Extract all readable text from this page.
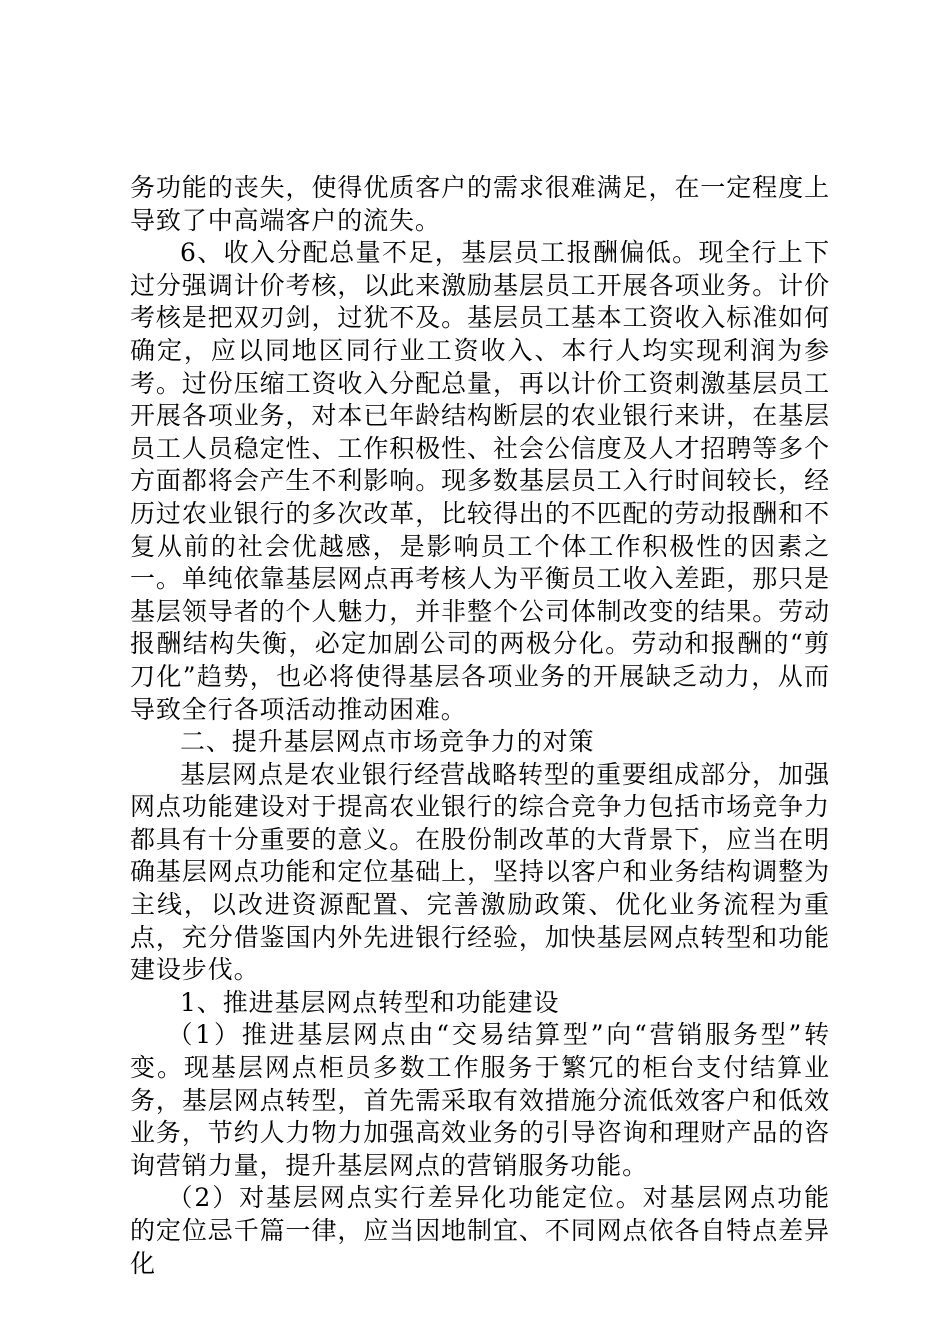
务功能的丧失，使得优质客户的需求很难满足，在一定程度上导致了中高端客户的流失。

6、收入分配总量不足，基层员工报酬偏低。现全行上下过分强调计价考核，以此来激励基层员工开展各项业务。计价考核是把双刃剑，过犹不及。基层员工基本工资收入标准如何确定，应以同地区同行业工资收入、本行人均实现利润为参考。过份压缩工资收入分配总量，再以计价工资刺激基层员工开展各项业务，对本已年龄结构断层的农业银行来讲，在基层员工人员稳定性、工作积极性、社会公信度及人才招聘等多个方面都将会产生不利影响。现多数基层员工入行时间较长，经历过农业银行的多次改革，比较得出的不匹配的劳动报酬和不复从前的社会优越感，是影响员工个体工作积极性的因素之一。单纯依靠基层网点再考核人为平衡员工收入差距，那只是基层领导者的个人魅力，并非整个公司体制改变的结果。劳动报酬结构失衡，必定加剧公司的两极分化。劳动和报酬的“剪刀化”趋势，也必将使得基层各项业务的开展缺乏动力，从而导致全行各项活动推动困难。

二、提升基层网点市场竞争力的对策

基层网点是农业银行经营战略转型的重要组成部分，加强网点功能建设对于提高农业银行的综合竞争力包括市场竞争力都具有十分重要的意义。在股份制改革的大背景下，应当在明确基层网点功能和定位基础上，坚持以客户和业务结构调整为主线，以改进资源配置、完善激励政策、优化业务流程为重点，充分借鉴国内外先进银行经验，加快基层网点转型和功能建设步伐。

1、推进基层网点转型和功能建设

（1）推进基层网点由“交易结算型”向“营销服务型”转变。现基层网点柜员多数工作服务于繁冗的柜台支付结算业务，基层网点转型，首先需采取有效措施分流低效客户和低效业务，节约人力物力加强高效业务的引导咨询和理财产品的咨询营销力量，提升基层网点的营销服务功能。

（2）对基层网点实行差异化功能定位。对基层网点功能的定位忌千篇一律，应当因地制宜、不同网点依各自特点差异化
